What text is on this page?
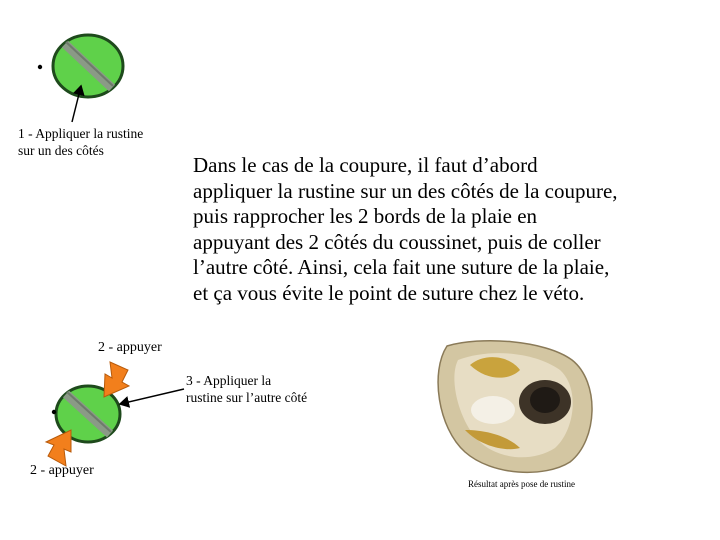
1 - Appliquer la rustine
sur un des côtés
Dans le cas de la coupure, il faut d’abord
appliquer la rustine sur un des côtés de la coupure,
puis rapprocher les 2 bords de la plaie en
appuyant des 2 côtés du coussinet, puis de coller
l’autre côté. Ainsi, cela fait une suture de la plaie,
et ça vous évite le point de suture chez le véto.
2 - appuyer
3 - Appliquer la
rustine sur l’autre côté
2 - appuyer
Résultat après pose de rustine
